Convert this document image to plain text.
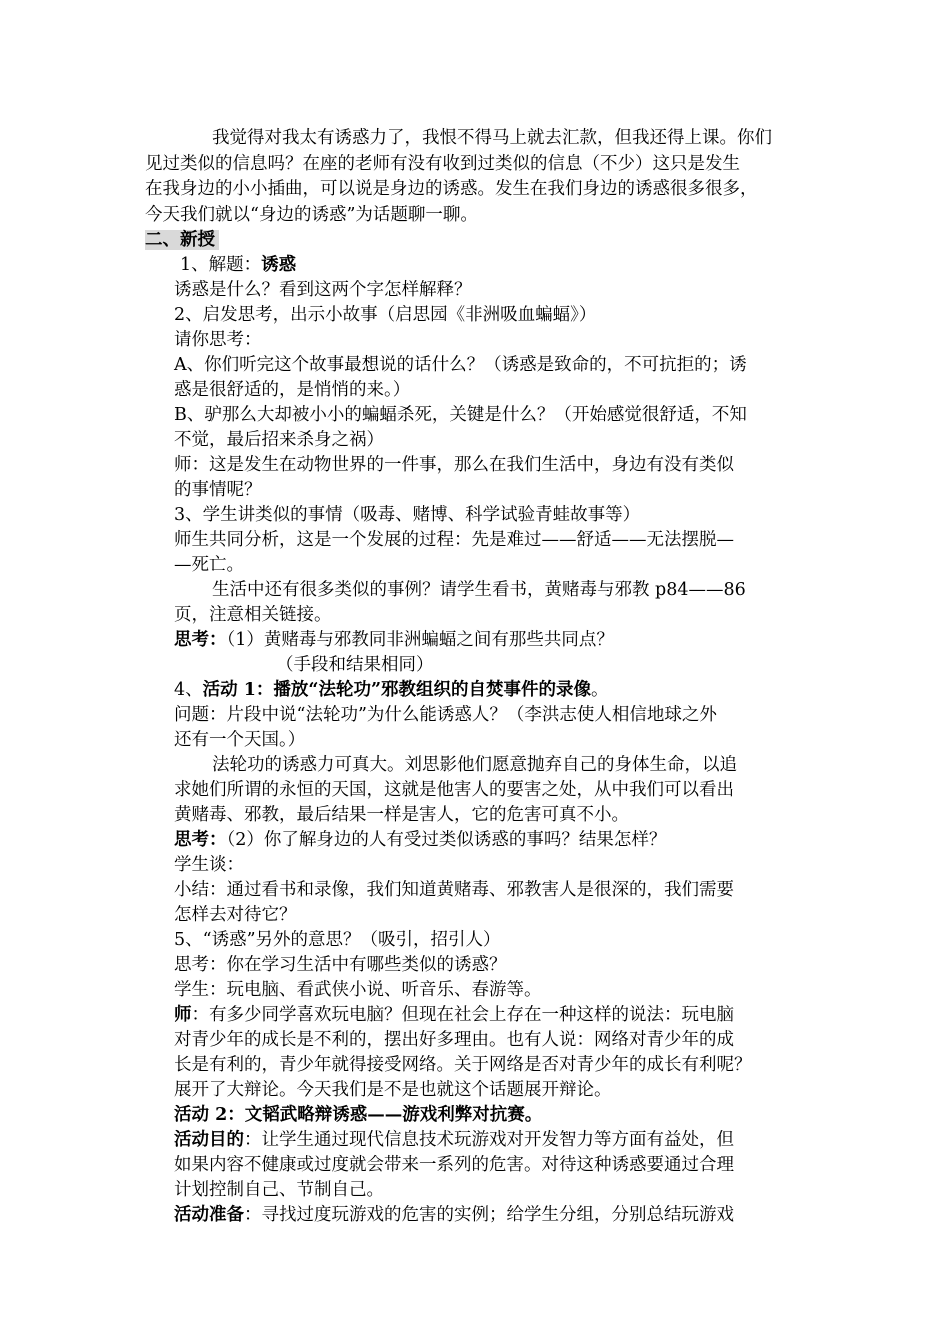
我觉得对我太有诱惑力了，我恨不得马上就去汇款，但我还得上课。你们
见过类似的信息吗？在座的老师有没有收到过类似的信息（不少）这只是发生
在我身边的小小插曲，可以说是身边的诱惑。发生在我们身边的诱惑很多很多，
今天我们就以“身边的诱惑”为话题聊一聊。
二、新授
1、解题：诱惑
诱惑是什么？看到这两个字怎样解释？
2、启发思考，出示小故事（启思园《非洲吸血蝙蝠》）
请你思考：
A、你们听完这个故事最想说的话什么？（诱惑是致命的，不可抗拒的；诱
惑是很舒适的，是悄悄的来。）
B、驴那么大却被小小的蝙蝠杀死，关键是什么？（开始感觉很舒适，不知
不觉，最后招来杀身之祸）
师：这是发生在动物世界的一件事，那么在我们生活中，身边有没有类似
的事情呢？
3、学生讲类似的事情（吸毒、赌博、科学试验青蛙故事等）
师生共同分析，这是一个发展的过程：先是难过——舒适——无法摆脱—
—死亡。
生活中还有很多类似的事例？请学生看书，黄赌毒与邪教 p84——86
页，注意相关链接。
思考：（1）黄赌毒与邪教同非洲蝙蝠之间有那些共同点？
（手段和结果相同）
4、活动 1：播放“法轮功”邪教组织的自焚事件的录像。
问题：片段中说“法轮功”为什么能诱惑人？（李洪志使人相信地球之外
还有一个天国。）
法轮功的诱惑力可真大。刘思影他们愿意抛弃自己的身体生命，以追
求她们所谓的永恒的天国，这就是他害人的要害之处，从中我们可以看出
黄赌毒、邪教，最后结果一样是害人，它的危害可真不小。
思考：（2）你了解身边的人有受过类似诱惑的事吗？结果怎样？
学生谈：
小结：通过看书和录像，我们知道黄赌毒、邪教害人是很深的，我们需要
怎样去对待它？
5、“诱惑”另外的意思？（吸引，招引人）
思考：你在学习生活中有哪些类似的诱惑？
学生：玩电脑、看武侠小说、听音乐、春游等。
师：有多少同学喜欢玩电脑？但现在社会上存在一种这样的说法：玩电脑
对青少年的成长是不利的，摆出好多理由。也有人说：网络对青少年的成
长是有利的，青少年就得接受网络。关于网络是否对青少年的成长有利呢？
展开了大辩论。今天我们是不是也就这个话题展开辩论。
活动 2：文韬武略辩诱惑——游戏利弊对抗赛。
活动目的：让学生通过现代信息技术玩游戏对开发智力等方面有益处，但
如果内容不健康或过度就会带来一系列的危害。对待这种诱惑要通过合理
计划控制自己、节制自己。
活动准备：寻找过度玩游戏的危害的实例；给学生分组，分别总结玩游戏
